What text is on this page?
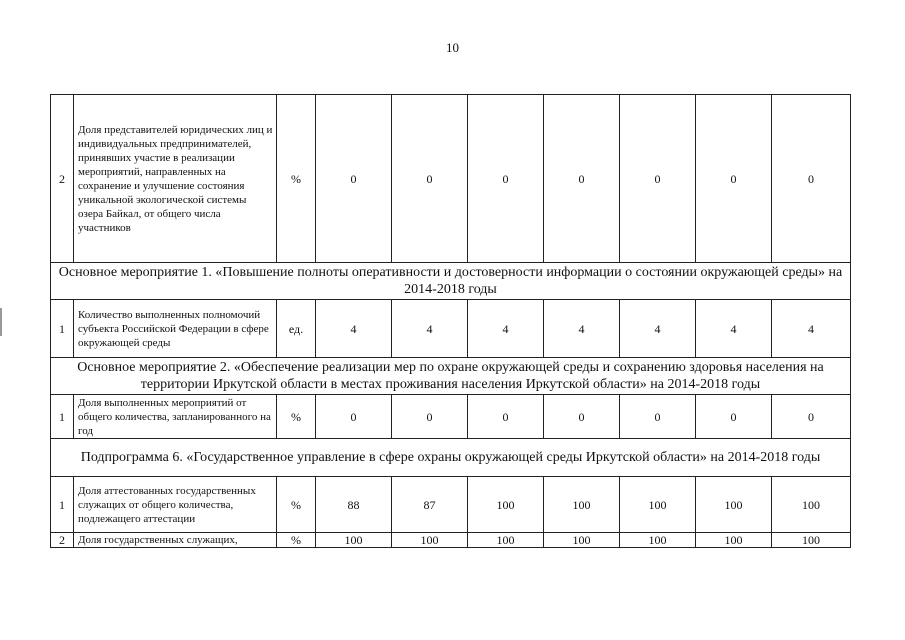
10
2	Доля представителей юридических лиц и индивидуальных предпринимателей, принявших участие в реализации мероприятий, направленных на сохранение и улучшение состояния уникальной экологической системы озера Байкал, от общего числа участников	%	0	0	0	0	0	0	0
Основное мероприятие 1. «Повышение полноты оперативности и достоверности информации о состоянии окружающей среды» на 2014-2018 годы									
1	Количество выполненных полномочий субъекта Российской Федерации в сфере окружающей среды	ед.	4	4	4	4	4	4	4
Основное мероприятие 2. «Обеспечение реализации мер по охране окружающей среды и сохранению здоровья населения на территории Иркутской области в местах проживания населения Иркутской области» на 2014-2018 годы									
1	Доля выполненных мероприятий от общего количества, запланированного на год	%	0	0	0	0	0	0	0
Подпрограмма 6. «Государственное управление в сфере охраны окружающей среды Иркутской области» на 2014-2018 годы									
1	Доля аттестованных государственных служащих от общего количества, подлежащего аттестации	%	88	87	100	100	100	100	100
2	Доля государственных служащих,	%	100	100	100	100	100	100	100
